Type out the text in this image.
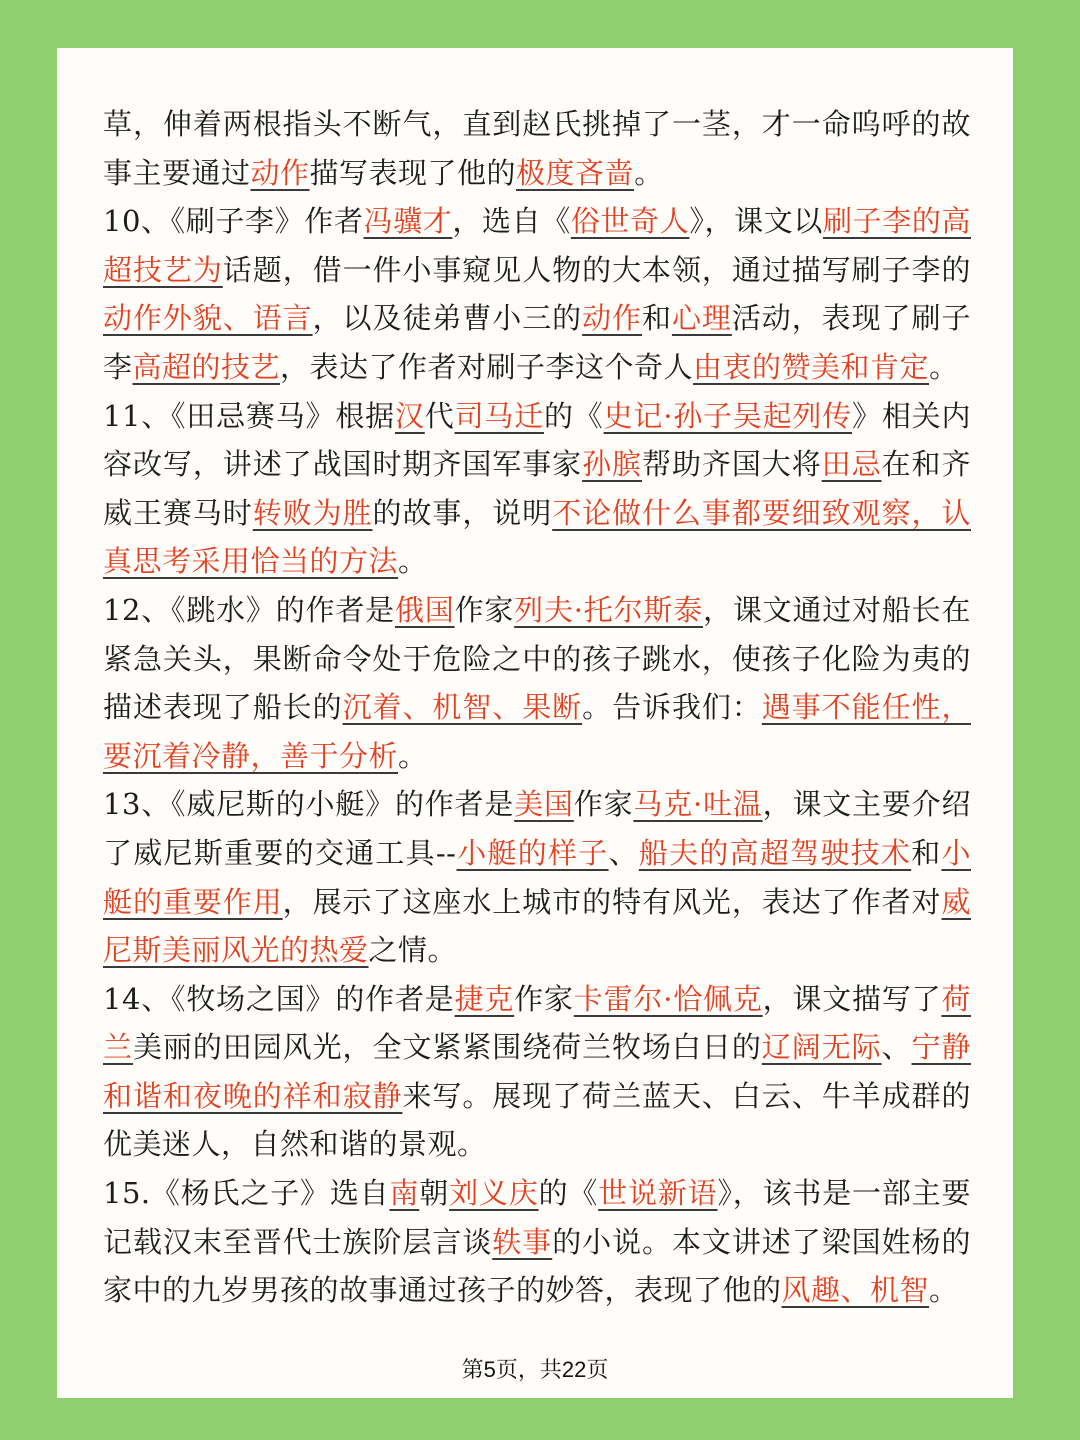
草，伸着两根指头不断气，直到赵氏挑掉了一茎，才一命呜呼的故事主要通过动作描写表现了他的极度吝啬。

10、《刷子李》作者冯骥才，选自《俗世奇人》，课文以刷子李的高超技艺为话题，借一件小事窥见人物的大本领，通过描写刷子李的动作外貌、语言，以及徒弟曹小三的动作和心理活动，表现了刷子李高超的技艺，表达了作者对刷子李这个奇人由衷的赞美和肯定。

11、《田忌赛马》根据汉代司马迁的《史记·孙子吴起列传》相关内容改写，讲述了战国时期齐国军事家孙膑帮助齐国大将田忌在和齐威王赛马时转败为胜的故事，说明不论做什么事都要细致观察，认真思考采用恰当的方法。

12、《跳水》的作者是俄国作家列夫·托尔斯泰，课文通过对船长在紧急关头，果断命令处于危险之中的孩子跳水，使孩子化险为夷的描述表现了船长的沉着、机智、果断。告诉我们：遇事不能任性，要沉着冷静，善于分析。

13、《威尼斯的小艇》的作者是美国作家马克·吐温，课文主要介绍了威尼斯重要的交通工具--小艇的样子、船夫的高超驾驶技术和小艇的重要作用，展示了这座水上城市的特有风光，表达了作者对威尼斯美丽风光的热爱之情。

14、《牧场之国》的作者是捷克作家卡雷尔·恰佩克，课文描写了荷兰美丽的田园风光，全文紧紧围绕荷兰牧场白日的辽阔无际、宁静和谐和夜晚的祥和寂静来写。展现了荷兰蓝天、白云、牛羊成群的优美迷人，自然和谐的景观。

15.《杨氏之子》选自南朝刘义庆的《世说新语》，该书是一部主要记载汉末至晋代士族阶层言谈轶事的小说。本文讲述了梁国姓杨的家中的九岁男孩的故事通过孩子的妙答，表现了他的风趣、机智。

第5页，共22页
